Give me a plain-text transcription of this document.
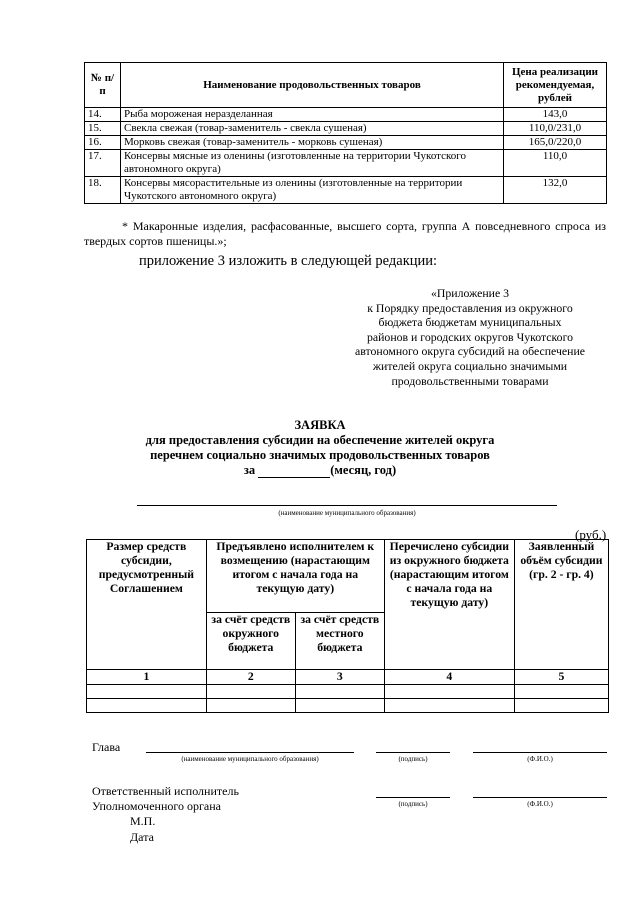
№ п/п	Наименование продовольственных товаров	Цена реализации рекомендуемая, рублей
14.	Рыба мороженая неразделанная	143,0
15.	Свекла свежая (товар-заменитель - свекла сушеная)	110,0/231,0
16.	Морковь свежая (товар-заменитель - морковь сушеная)	165,0/220,0
17.	Консервы мясные из оленины (изготовленные на территории Чукотского автономного округа)	110,0
18.	Консервы мясорастительные из оленины (изготовленные на территории Чукотского автономного округа)	132,0
* Макаронные изделия, расфасованные, высшего сорта, группа А повседневного спроса из твердых сортов пшеницы.»;
приложение 3 изложить в следующей редакции:
«Приложение 3
к Порядку предоставления из окружного
бюджета бюджетам муниципальных
районов и городских округов Чукотского
автономного округа субсидий на обеспечение
жителей округа социально значимыми
продовольственными товарами
ЗАЯВКА
для предоставления субсидии на обеспечение жителей округа
перечнем социально значимых продовольственных товаров
за	(месяц, год)
(наименование муниципального образования)
(руб.)
Размер средств субсидии, предусмотренный Соглашением	Предъявлено исполнителем к возмещению (нарастающим итогом с начала года на текущую дату)		Перечислено субсидии из окружного бюджета (нарастающим итогом с начала года на текущую дату)	Заявленный объём субсидии (гр. 2 - гр. 4)
	за счёт средств окружного бюджета	за счёт средств местного бюджета		
1	2	3	4	5

Глава
(наименование муниципального образования)	(подпись)	(Ф.И.О.)
Ответственный исполнитель
Уполномоченного органа	(подпись)	(Ф.И.О.)
М.П.
Дата
